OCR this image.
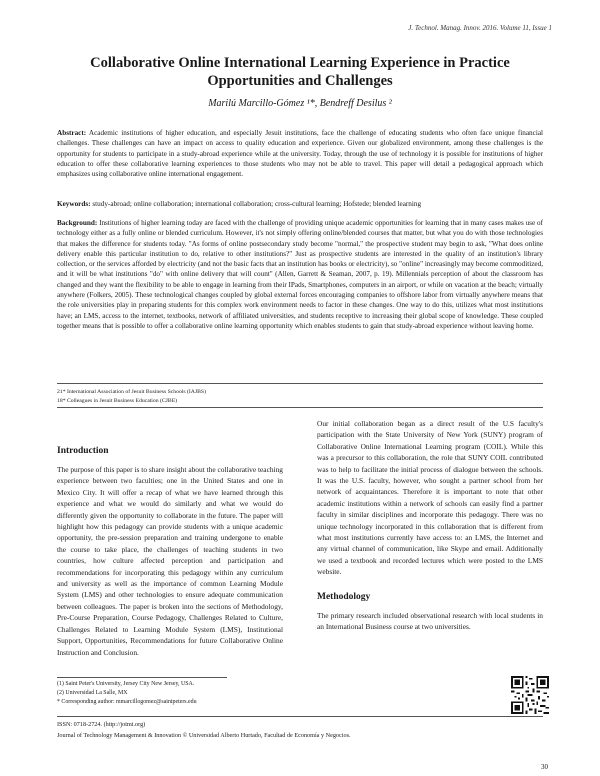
J. Technol. Manag. Innov. 2016. Volume 11, Issue 1
Collaborative Online International Learning Experience in Practice Opportunities and Challenges
Marilú Marcillo-Gómez ¹*, Bendreff Desilus ²
Abstract: Academic institutions of higher education, and especially Jesuit institutions, face the challenge of educating students who often face unique financial challenges. These challenges can have an impact on access to quality education and experience. Given our globalized environment, among these challenges is the opportunity for students to participate in a study-abroad experience while at the university. Today, through the use of technology it is possible for institutions of higher education to offer these collaborative learning experiences to those students who may not be able to travel. This paper will detail a pedagogical approach which emphasizes using collaborative online international engagement.
Keywords: study-abroad; online collaboration; international collaboration; cross-cultural learning; Hofstede; blended learning
Background: Institutions of higher learning today are faced with the challenge of providing unique academic opportunities for learning that in many cases makes use of technology either as a fully online or blended curriculum. However, it's not simply offering online/blended courses that matter, but what you do with those technologies that makes the difference for students today. "As forms of online postsecondary study become "normal," the prospective student may begin to ask, "What does online delivery enable this particular institution to do, relative to other institutions?" Just as prospective students are interested in the quality of an institution's library collection, or the services afforded by electricity (and not the basic facts that an institution has books or electricity), so "online" increasingly may become commoditized, and it will be what institutions "do" with online delivery that will count" (Allen, Garrett & Seaman, 2007, p. 19). Millennials perception of about the classroom has changed and they want the flexibility to be able to engage in learning from their IPads, Smartphones, computers in an airport, or while on vacation at the beach; virtually anywhere (Folkers, 2005). These technological changes coupled by global external forces encouraging companies to offshore labor from virtually anywhere means that the role universities play in preparing students for this complex work environment needs to factor in these changes. One way to do this, utilizes what most institutions have; an LMS, access to the internet, textbooks, network of affiliated universities, and students receptive to increasing their global scope of knowledge. These coupled together means that is possible to offer a collaborative online learning opportunity which enables students to gain that study-abroad experience without leaving home.
21* International Association of Jesuit Business Schools (IAJBS)
18* Colleagues in Jesuit Business Education (CJBE)
Introduction

The purpose of this paper is to share insight about the collaborative teaching experience between two faculties; one in the United States and one in Mexico City. It will offer a recap of what we have learned through this experience and what we would do similarly and what we would do differently given the opportunity to collaborate in the future. The paper will highlight how this pedagogy can provide students with a unique academic opportunity, the pre-session preparation and training undergone to enable the course to take place, the challenges of teaching students in two countries, how culture affected perception and participation and recommendations for incorporating this pedagogy within any curriculum and university as well as the importance of common Learning Module System (LMS) and other technologies to ensure adequate communication between colleagues. The paper is broken into the sections of Methodology, Pre-Course Preparation, Course Pedagogy, Challenges Related to Culture, Challenges Related to Learning Module System (LMS), Institutional Support, Opportunities, Recommendations for future Collaborative Online Instruction and Conclusion.

Our initial collaboration began as a direct result of the U.S faculty's participation with the State University of New York (SUNY) program of Collaborative Online International Learning program (COIL). While this was a precursor to this collaboration, the role that SUNY COIL contributed was to help to facilitate the initial process of dialogue between the schools. It was the U.S. faculty, however, who sought a partner school from her network of acquaintances. Therefore it is important to note that other academic institutions within a network of schools can easily find a partner faculty in similar disciplines and incorporate this pedagogy. There was no unique technology incorporated in this collaboration that is different from what most institutions currently have access to: an LMS, the Internet and any virtual channel of communication, like Skype and email. Additionally we used a textbook and recorded lectures which were posted to the LMS website.

Methodology

The primary research included observational research with local students in an International Business course at two universities.

(1) Saint Peter's University, Jersey City New Jersey, USA.
(2) Universidad La Salle, MX
* Corresponding author: mmarcillogomez@saintpeters.edu
ISSN: 0718-2724. (http://jotmi.org)
Journal of Technology Management & Innovation © Universidad Alberto Hurtado, Facultad de Economía y Negocios.
30
